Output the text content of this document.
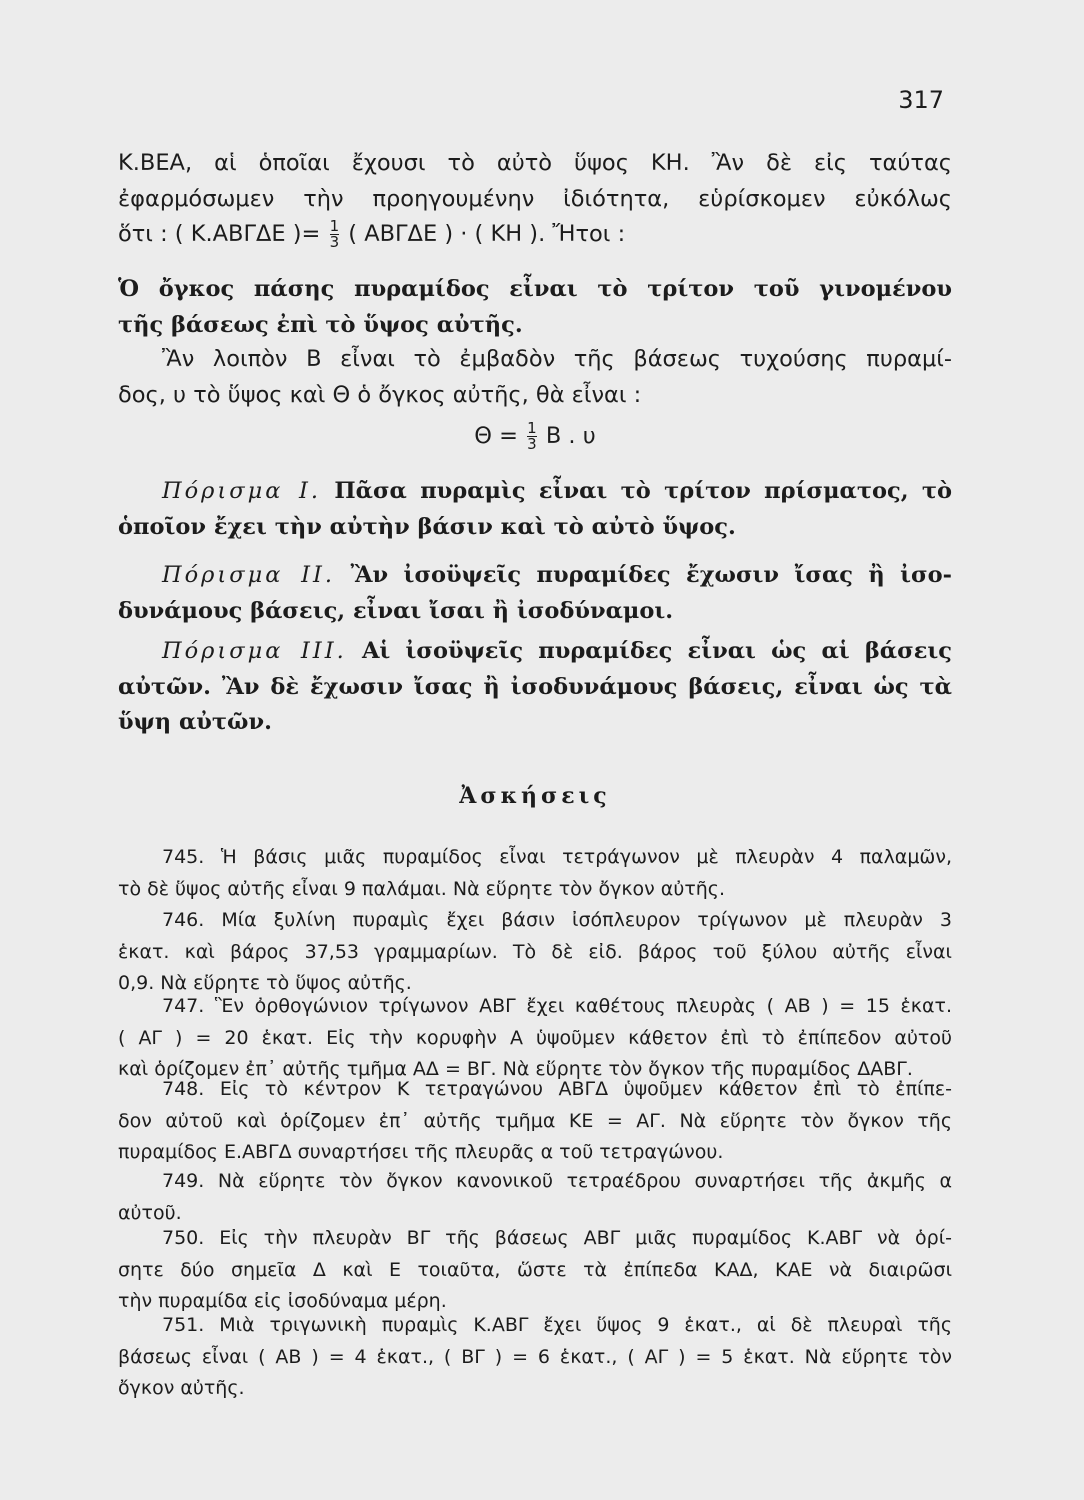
317
Κ.ΒΕΑ, αἱ ὁποῖαι ἔχουσι τὸ αὐτὸ ὕψος ΚΗ. Ἂν δὲ εἰς ταύτας
ἐφαρμόσωμεν τὴν προηγουμένην ἰδιότητα, εὑρίσκομεν εὐκόλως
ὅτι : ( Κ.ΑΒΓΔΕ )= $\frac{1}{3}$ ( ΑΒΓΔΕ ) · ( ΚΗ ). Ἤτοι :
Ὁ ὄγκος πάσης πυραμίδος εἶναι τὸ τρίτον τοῦ γινομένου
τῆς βάσεως ἐπὶ τὸ ὕψος αὐτῆς.
Ἂν λοιπὸν Β εἶναι τὸ ἐμβαδὸν τῆς βάσεως τυχούσης πυραμί-
δος, υ τὸ ὕψος καὶ Θ ὁ ὄγκος αὐτῆς, θὰ εἶναι :
$\Theta = \frac{1}{3}$ Β . υ
Πόρισμα I. Πᾶσα πυραμὶς εἶναι τὸ τρίτον πρίσματος, τὸ
ὁποῖον ἔχει τὴν αὐτὴν βάσιν καὶ τὸ αὐτὸ ὕψος.
Πόρισμα II. Ἂν ἰσοϋψεῖς πυραμίδες ἔχωσιν ἴσας ἢ ἰσο-
δυνάμους βάσεις, εἶναι ἴσαι ἢ ἰσοδύναμοι.
Πόρισμα III. Αἱ ἰσοϋψεῖς πυραμίδες εἶναι ὡς αἱ βάσεις
αὐτῶν. Ἂν δὲ ἔχωσιν ἴσας ἢ ἰσοδυνάμους βάσεις, εἶναι ὡς τὰ
ὕψη αὐτῶν.
Ἀσκήσεις
745. Ἡ βάσις μιᾶς πυραμίδος εἶναι τετράγωνον μὲ πλευρὰν 4 παλαμῶν,
τὸ δὲ ὕψος αὐτῆς εἶναι 9 παλάμαι. Νὰ εὕρητε τὸν ὄγκον αὐτῆς.
746. Μία ξυλίνη πυραμὶς ἔχει βάσιν ἰσόπλευρον τρίγωνον μὲ πλευρὰν 3
ἑκατ. καὶ βάρος 37,53 γραμμαρίων. Τὸ δὲ εἰδ. βάρος τοῦ ξύλου αὐτῆς εἶναι
0,9. Νὰ εὕρητε τὸ ὕψος αὐτῆς.
747. Ἓν ὀρθογώνιον τρίγωνον ΑΒΓ ἔχει καθέτους πλευρὰς ( ΑΒ ) = 15 ἑκατ.
( ΑΓ ) = 20 ἑκατ. Εἰς τὴν κορυφὴν Α ὑψοῦμεν κάθετον ἐπὶ τὸ ἐπίπεδον αὐτοῦ
καὶ ὁρίζομεν ἐπ᾽ αὐτῆς τμῆμα ΑΔ = ΒΓ. Νὰ εὕρητε τὸν ὄγκον τῆς πυραμίδος ΔΑΒΓ.
748. Εἰς τὸ κέντρον Κ τετραγώνου ΑΒΓΔ ὑψοῦμεν κάθετον ἐπὶ τὸ ἐπίπε-
δον αὐτοῦ καὶ ὁρίζομεν ἐπ᾽ αὐτῆς τμῆμα ΚΕ = ΑΓ. Νὰ εὕρητε τὸν ὄγκον τῆς
πυραμίδος Ε.ΑΒΓΔ συναρτήσει τῆς πλευρᾶς α τοῦ τετραγώνου.
749. Νὰ εὕρητε τὸν ὄγκον κανονικοῦ τετραέδρου συναρτήσει τῆς ἀκμῆς α
αὐτοῦ.
750. Εἰς τὴν πλευρὰν ΒΓ τῆς βάσεως ΑΒΓ μιᾶς πυραμίδος Κ.ΑΒΓ νὰ ὁρί-
σητε δύο σημεῖα Δ καὶ Ε τοιαῦτα, ὥστε τὰ ἐπίπεδα ΚΑΔ, ΚΑΕ νὰ διαιρῶσι
τὴν πυραμίδα εἰς ἰσοδύναμα μέρη.
751. Μιὰ τριγωνικὴ πυραμὶς Κ.ΑΒΓ ἔχει ὕψος 9 ἑκατ., αἱ δὲ πλευραὶ τῆς
βάσεως εἶναι ( ΑΒ ) = 4 ἑκατ., ( ΒΓ ) = 6 ἑκατ., ( ΑΓ ) = 5 ἑκατ. Νὰ εὕρητε τὸν
ὄγκον αὐτῆς.
